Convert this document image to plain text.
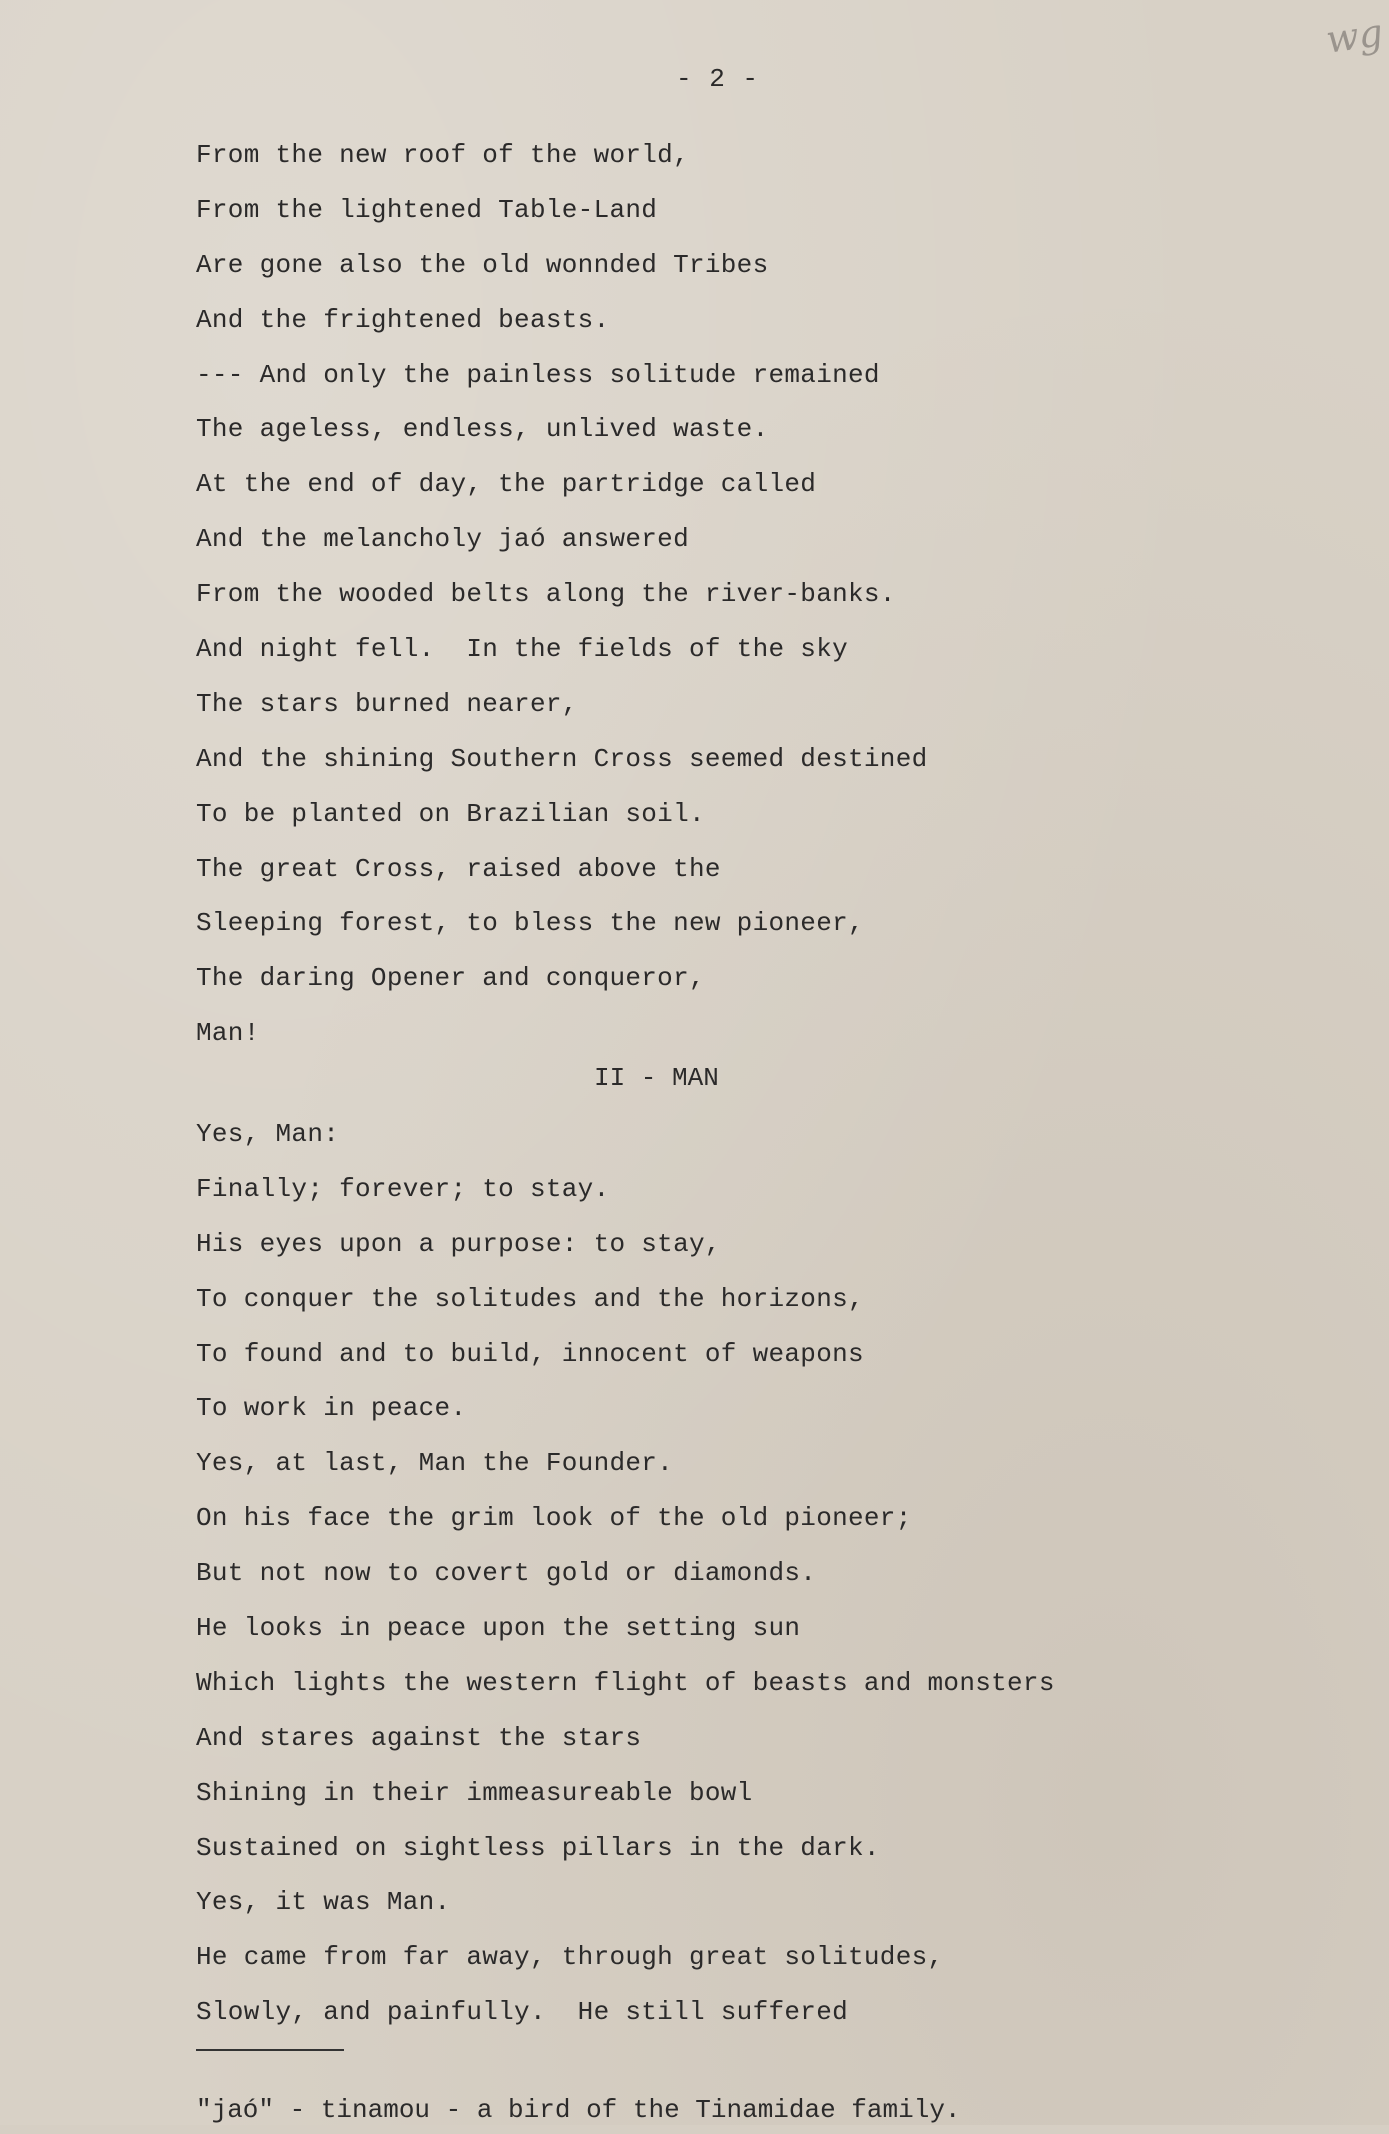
wg
- 2 -
From the new roof of the world,
From the lightened Table-Land
Are gone also the old wonnded Tribes
And the frightened beasts.
--- And only the painless solitude remained
The ageless, endless, unlived waste.
At the end of day, the partridge called
And the melancholy jaó answered
From the wooded belts along the river-banks.
And night fell.  In the fields of the sky
The stars burned nearer,
And the shining Southern Cross seemed destined
To be planted on Brazilian soil.
The great Cross, raised above the
Sleeping forest, to bless the new pioneer,
The daring Opener and conqueror,
Man!
II - MAN
Yes, Man:
Finally; forever; to stay.
His eyes upon a purpose: to stay,
To conquer the solitudes and the horizons,
To found and to build, innocent of weapons
To work in peace.
Yes, at last, Man the Founder.
On his face the grim look of the old pioneer;
But not now to covert gold or diamonds.
He looks in peace upon the setting sun
Which lights the western flight of beasts and monsters
And stares against the stars
Shining in their immeasureable bowl
Sustained on sightless pillars in the dark.
Yes, it was Man.
He came from far away, through great solitudes,
Slowly, and painfully.  He still suffered
"jaó" - tinamou - a bird of the Tinamidae family.
